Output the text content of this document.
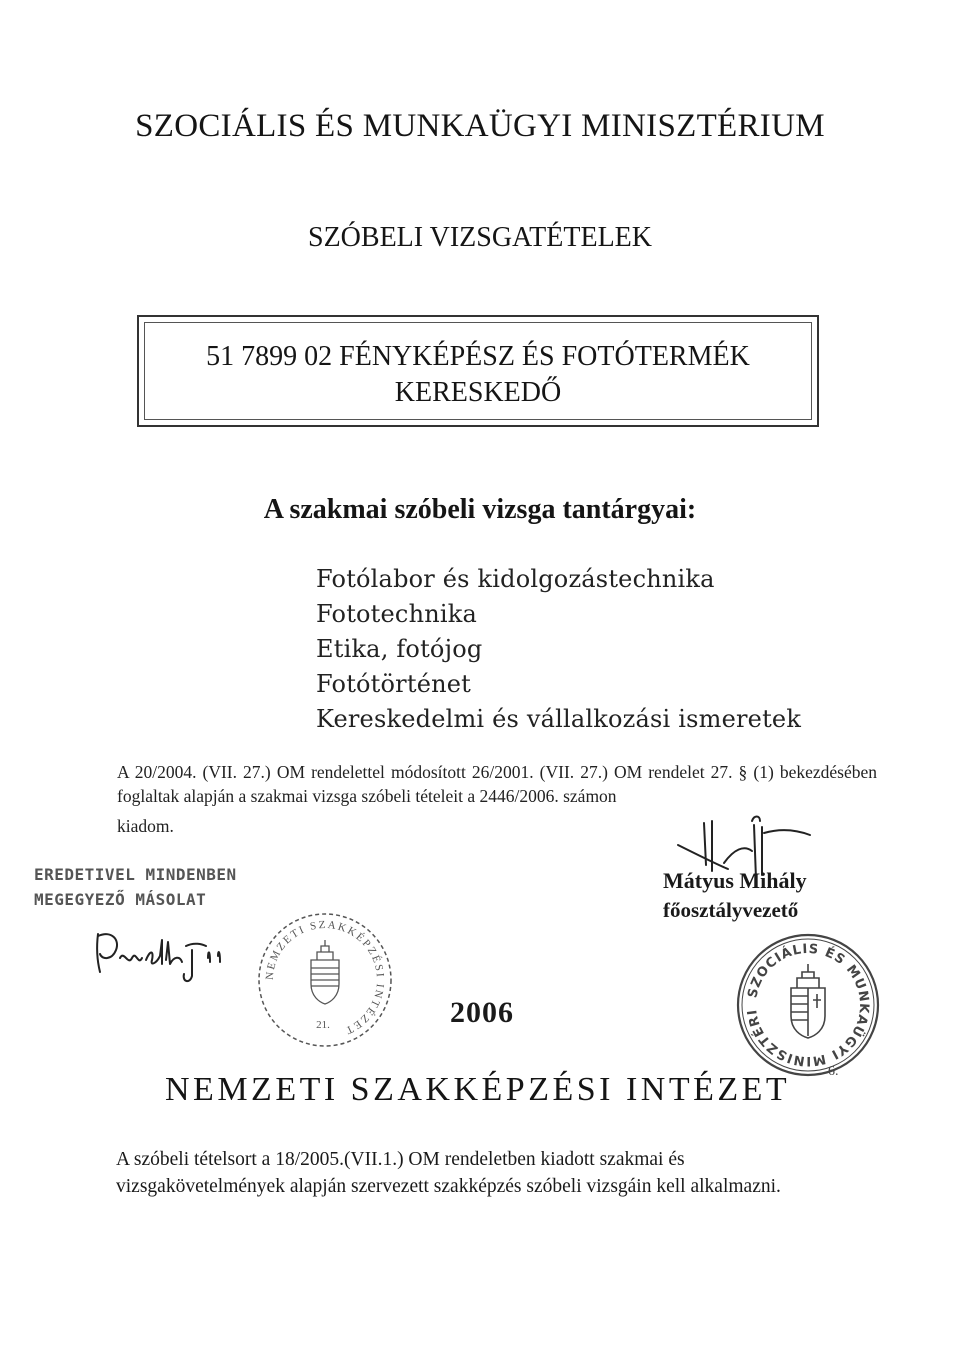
SZOCIÁLIS ÉS MUNKAÜGYI MINISZTÉRIUM
SZÓBELI VIZSGATÉTELEK
51 7899 02 FÉNYKÉPÉSZ ÉS FOTÓTERMÉK
KERESKEDŐ
A szakmai szóbeli vizsga tantárgyai:
Fotólabor és kidolgozástechnika
Fototechnika
Etika, fotójog
Fotótörténet
Kereskedelmi és vállalkozási ismeretek
A 20/2004. (VII. 27.) OM rendelettel módosított 26/2001. (VII. 27.) OM rendelet 27. § (1) bekezdésében foglaltak alapján a szakmai vizsga szóbeli tételeit a 2446/2006. számon
kiadom.
EREDETIVEL MINDENBEN
MEGEGYEZŐ MÁSOLAT
Mátyus Mihály
főosztályvezető
NEMZETI SZAKKÉPZÉSI INTÉZET
21.	2006
SZOCIÁLIS ÉS MUNKAÜGYI MINISZTÉRIUM
6.
NEMZETI SZAKKÉPZÉSI INTÉZET
A szóbeli tételsort a 18/2005.(VII.1.) OM rendeletben kiadott szakmai és
vizsgakövetelmények alapján szervezett szakképzés szóbeli vizsgáin kell alkalmazni.
